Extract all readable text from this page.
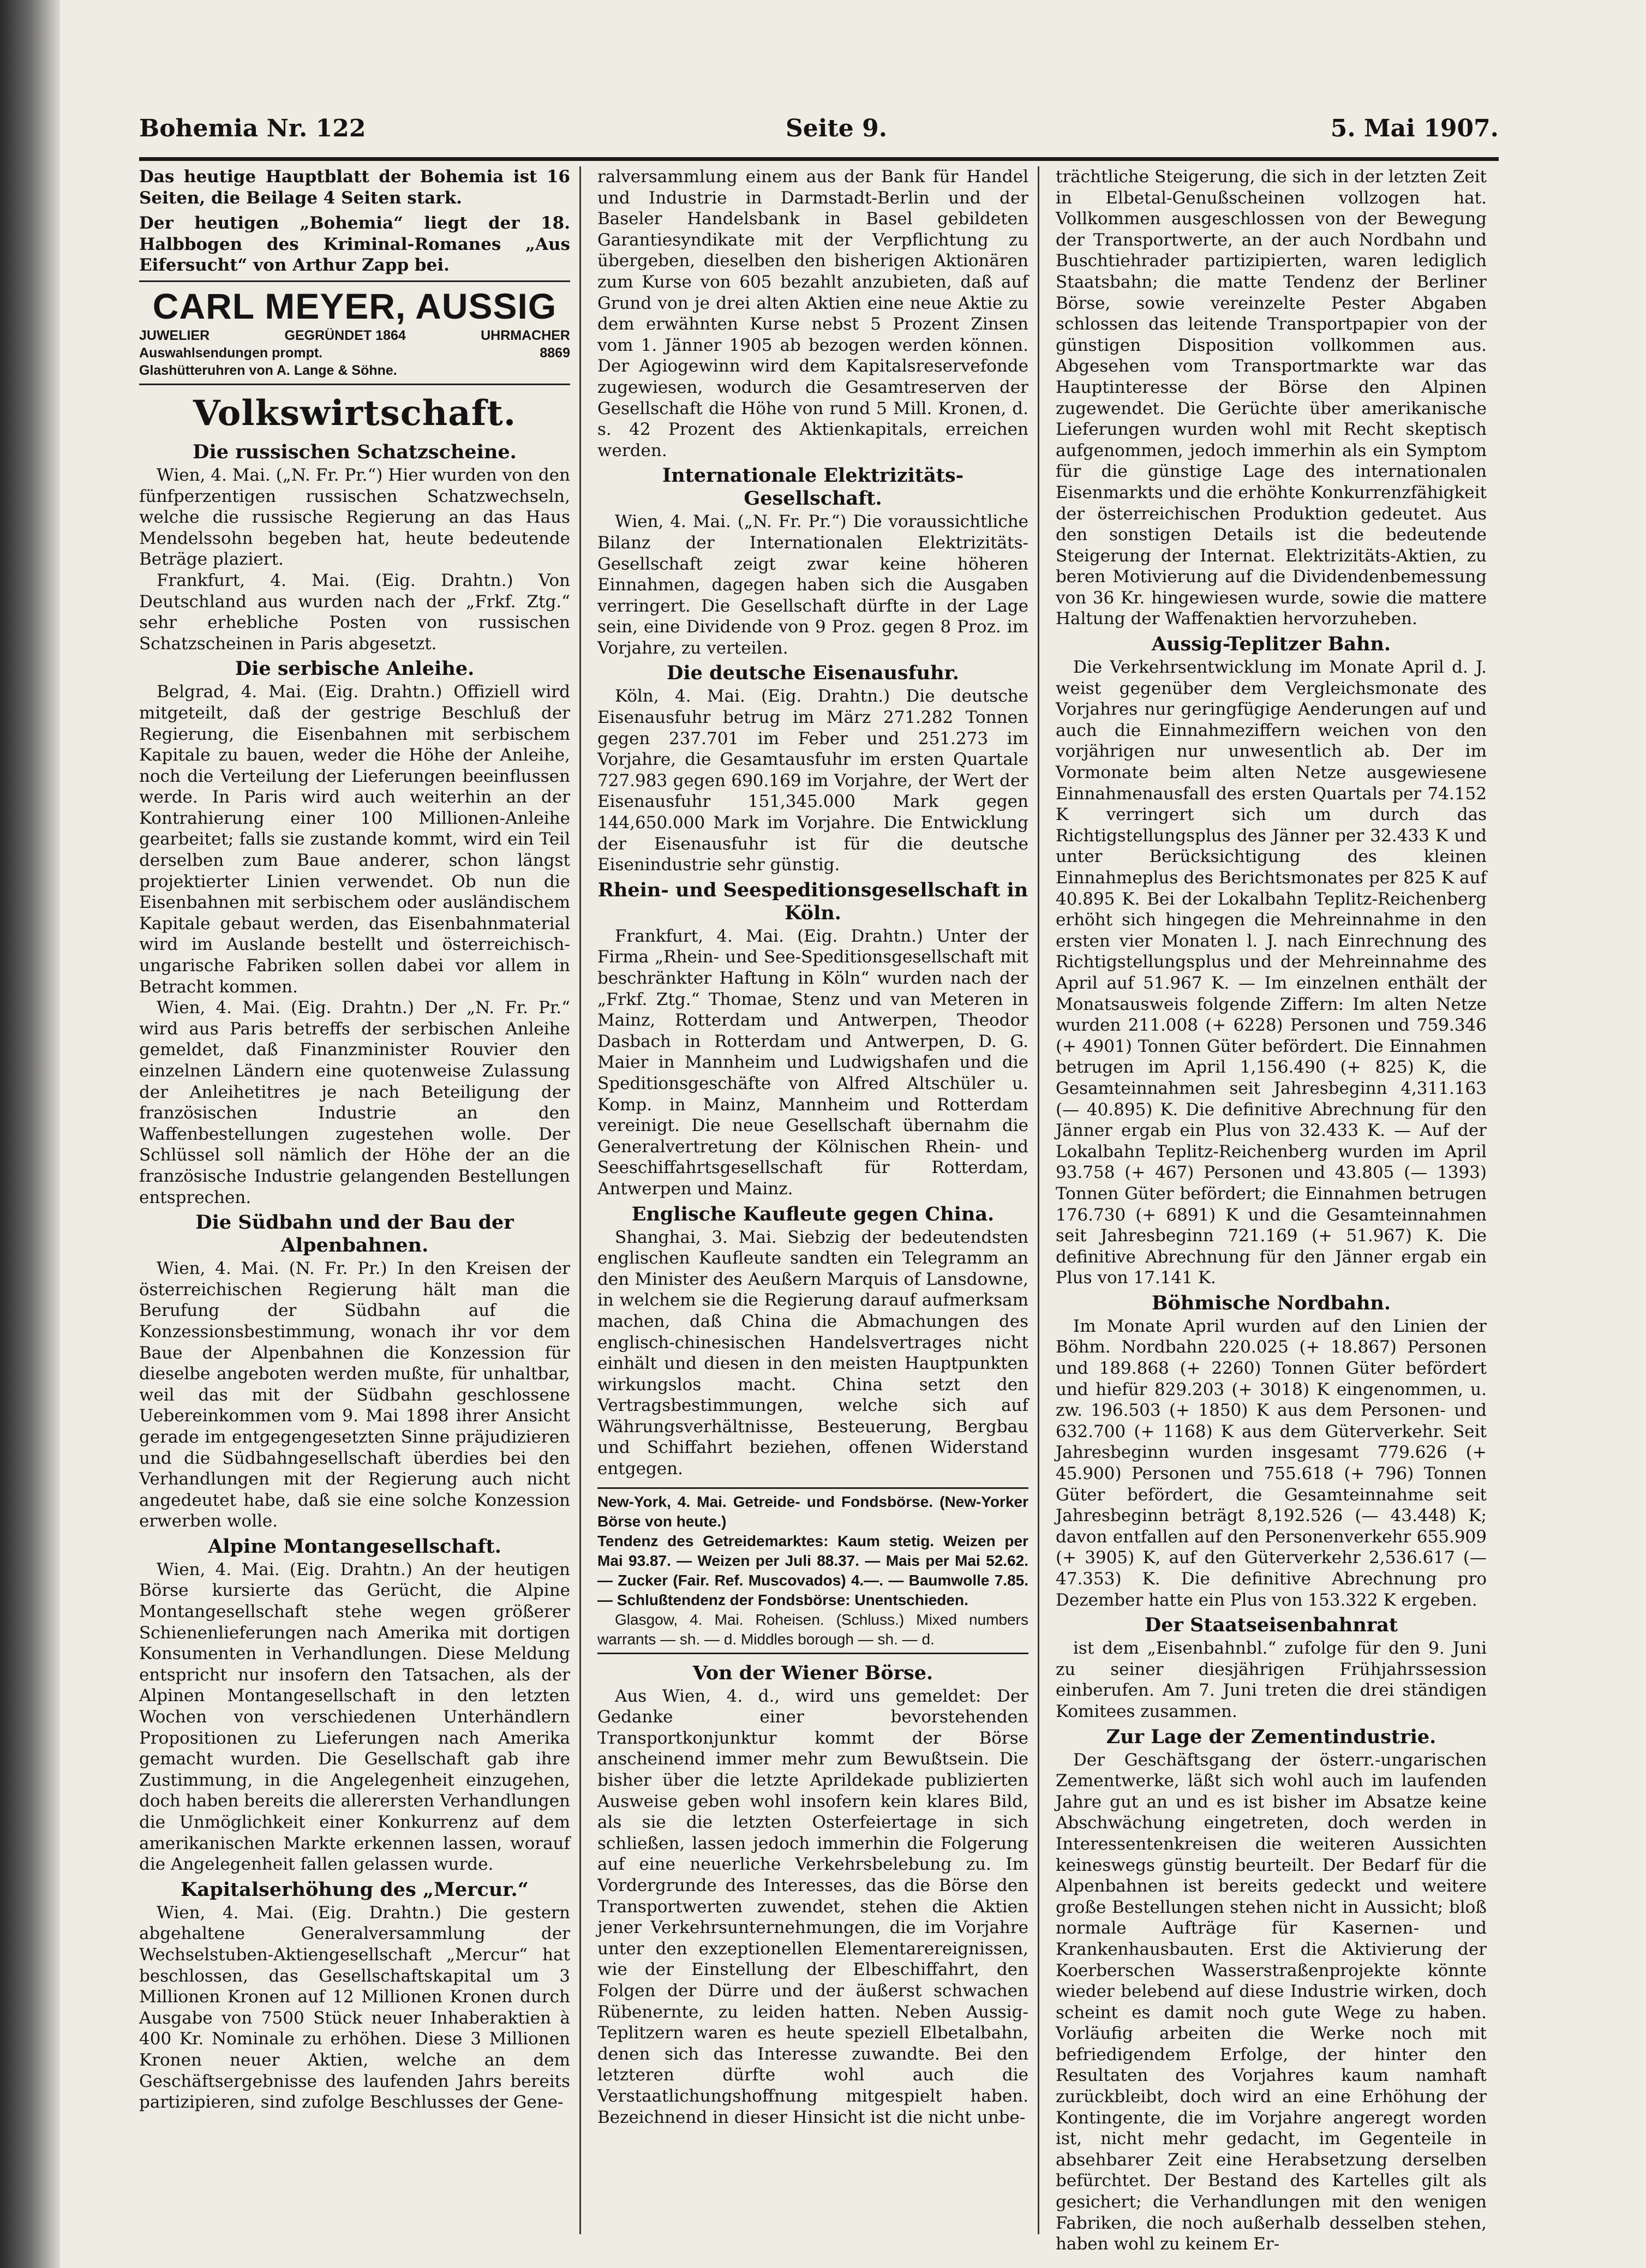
Bohemia Nr. 122	Seite 9.	5. Mai 1907.

Das heutige Hauptblatt der Bohemia ist 16 Seiten, die Beilage 4 Seiten stark.

Der heutigen „Bohemia“ liegt der 18. Halbbogen des Kriminal-Romanes „Aus Eifersucht“ von Arthur Zapp bei.

CARL MEYER, AUSSIG
JUWELIER	GEGRÜNDET 1864	UHRMACHER
Auswahlsendungen prompt.	8869
Glashütteruhren von A. Lange & Söhne.
Volkswirtschaft.
Die russischen Schatzscheine.

Wien, 4. Mai. („N. Fr. Pr.“) Hier wurden von den fünfperzentigen russischen Schatzwechseln, welche die russische Regierung an das Haus Mendelssohn begeben hat, heute bedeutende Beträge plaziert.

Frankfurt, 4. Mai. (Eig. Drahtn.) Von Deutschland aus wurden nach der „Frkf. Ztg.“ sehr erhebliche Posten von russischen Schatzscheinen in Paris abgesetzt.

Die serbische Anleihe.

Belgrad, 4. Mai. (Eig. Drahtn.) Offiziell wird mitgeteilt, daß der gestrige Beschluß der Regierung, die Eisenbahnen mit serbischem Kapitale zu bauen, weder die Höhe der Anleihe, noch die Verteilung der Lieferungen beeinflussen werde. In Paris wird auch weiterhin an der Kontrahierung einer 100 Millionen-Anleihe gearbeitet; falls sie zustande kommt, wird ein Teil derselben zum Baue anderer, schon längst projektierter Linien verwendet. Ob nun die Eisenbahnen mit serbischem oder ausländischem Kapitale gebaut werden, das Eisenbahnmaterial wird im Auslande bestellt und österreichisch-ungarische Fabriken sollen dabei vor allem in Betracht kommen.

Wien, 4. Mai. (Eig. Drahtn.) Der „N. Fr. Pr.“ wird aus Paris betreffs der serbischen Anleihe gemeldet, daß Finanzminister Rouvier den einzelnen Ländern eine quotenweise Zulassung der Anleihetitres je nach Beteiligung der französischen Industrie an den Waffenbestellungen zugestehen wolle. Der Schlüssel soll nämlich der Höhe der an die französische Industrie gelangenden Bestellungen entsprechen.

Die Südbahn und der Bau der Alpenbahnen.

Wien, 4. Mai. (N. Fr. Pr.) In den Kreisen der österreichischen Regierung hält man die Berufung der Südbahn auf die Konzessionsbestimmung, wonach ihr vor dem Baue der Alpenbahnen die Konzession für dieselbe angeboten werden mußte, für unhaltbar, weil das mit der Südbahn geschlossene Uebereinkommen vom 9. Mai 1898 ihrer Ansicht gerade im entgegengesetzten Sinne präjudizieren und die Südbahngesellschaft überdies bei den Verhandlungen mit der Regierung auch nicht angedeutet habe, daß sie eine solche Konzession erwerben wolle.

Alpine Montangesellschaft.

Wien, 4. Mai. (Eig. Drahtn.) An der heutigen Börse kursierte das Gerücht, die Alpine Montangesellschaft stehe wegen größerer Schienenlieferungen nach Amerika mit dortigen Konsumenten in Verhandlungen. Diese Meldung entspricht nur insofern den Tatsachen, als der Alpinen Montangesellschaft in den letzten Wochen von verschiedenen Unterhändlern Propositionen zu Lieferungen nach Amerika gemacht wurden. Die Gesellschaft gab ihre Zustimmung, in die Angelegenheit einzugehen, doch haben bereits die allerersten Verhandlungen die Unmöglichkeit einer Konkurrenz auf dem amerikanischen Markte erkennen lassen, worauf die Angelegenheit fallen gelassen wurde.

Kapitalserhöhung des „Mercur.“

Wien, 4. Mai. (Eig. Drahtn.) Die gestern abgehaltene Generalversammlung der Wechselstuben-Aktiengesellschaft „Mercur“ hat beschlossen, das Gesellschaftskapital um 3 Millionen Kronen auf 12 Millionen Kronen durch Ausgabe von 7500 Stück neuer Inhaberaktien à 400 Kr. Nominale zu erhöhen. Diese 3 Millionen Kronen neuer Aktien, welche an dem Geschäftsergebnisse des laufenden Jahrs bereits partizipieren, sind zufolge Beschlusses der Gene-

ralversammlung einem aus der Bank für Handel und Industrie in Darmstadt-Berlin und der Baseler Handelsbank in Basel gebildeten Garantiesyndikate mit der Verpflichtung zu übergeben, dieselben den bisherigen Aktionären zum Kurse von 605 bezahlt anzubieten, daß auf Grund von je drei alten Aktien eine neue Aktie zu dem erwähnten Kurse nebst 5 Prozent Zinsen vom 1. Jänner 1905 ab bezogen werden können. Der Agiogewinn wird dem Kapitalsreservefonde zugewiesen, wodurch die Gesamtreserven der Gesellschaft die Höhe von rund 5 Mill. Kronen, d. s. 42 Prozent des Aktienkapitals, erreichen werden.

Internationale Elektrizitäts-Gesellschaft.

Wien, 4. Mai. („N. Fr. Pr.“) Die voraussichtliche Bilanz der Internationalen Elektrizitäts-Gesellschaft zeigt zwar keine höheren Einnahmen, dagegen haben sich die Ausgaben verringert. Die Gesellschaft dürfte in der Lage sein, eine Dividende von 9 Proz. gegen 8 Proz. im Vorjahre, zu verteilen.

Die deutsche Eisenausfuhr.

Köln, 4. Mai. (Eig. Drahtn.) Die deutsche Eisenausfuhr betrug im März 271.282 Tonnen gegen 237.701 im Feber und 251.273 im Vorjahre, die Gesamtausfuhr im ersten Quartale 727.983 gegen 690.169 im Vorjahre, der Wert der Eisenausfuhr 151,345.000 Mark gegen 144,650.000 Mark im Vorjahre. Die Entwicklung der Eisenausfuhr ist für die deutsche Eisenindustrie sehr günstig.

Rhein- und Seespeditionsgesellschaft in Köln.

Frankfurt, 4. Mai. (Eig. Drahtn.) Unter der Firma „Rhein- und See-Speditionsgesellschaft mit beschränkter Haftung in Köln“ wurden nach der „Frkf. Ztg.“ Thomae, Stenz und van Meteren in Mainz, Rotterdam und Antwerpen, Theodor Dasbach in Rotterdam und Antwerpen, D. G. Maier in Mannheim und Ludwigshafen und die Speditionsgeschäfte von Alfred Altschüler u. Komp. in Mainz, Mannheim und Rotterdam vereinigt. Die neue Gesellschaft übernahm die Generalvertretung der Kölnischen Rhein- und Seeschiffahrtsgesellschaft für Rotterdam, Antwerpen und Mainz.

Englische Kaufleute gegen China.

Shanghai, 3. Mai. Siebzig der bedeutendsten englischen Kaufleute sandten ein Telegramm an den Minister des Aeußern Marquis of Lansdowne, in welchem sie die Regierung darauf aufmerksam machen, daß China die Abmachungen des englisch-chinesischen Handelsvertrages nicht einhält und diesen in den meisten Hauptpunkten wirkungslos macht. China setzt den Vertragsbestimmungen, welche sich auf Währungsverhältnisse, Besteuerung, Bergbau und Schiffahrt beziehen, offenen Widerstand entgegen.

New-York, 4. Mai. Getreide- und Fondsbörse. (New-Yorker Börse von heute.)

Tendenz des Getreidemarktes: Kaum stetig. Weizen per Mai 93.87. — Weizen per Juli 88.37. — Mais per Mai 52.62. — Zucker (Fair. Ref. Muscovados) 4.—. — Baumwolle 7.85. — Schlußtendenz der Fondsbörse: Unentschieden.

Glasgow, 4. Mai. Roheisen. (Schluss.) Mixed numbers warrants — sh. — d. Middles borough — sh. — d.

Von der Wiener Börse.

Aus Wien, 4. d., wird uns gemeldet: Der Gedanke einer bevorstehenden Transportkonjunktur kommt der Börse anscheinend immer mehr zum Bewußtsein. Die bisher über die letzte Aprildekade publizierten Ausweise geben wohl insofern kein klares Bild, als sie die letzten Osterfeiertage in sich schließen, lassen jedoch immerhin die Folgerung auf eine neuerliche Verkehrsbelebung zu. Im Vordergrunde des Interesses, das die Börse den Transportwerten zuwendet, stehen die Aktien jener Verkehrsunternehmungen, die im Vorjahre unter den exzeptionellen Elementarereignissen, wie der Einstellung der Elbeschiffahrt, den Folgen der Dürre und der äußerst schwachen Rübenernte, zu leiden hatten. Neben Aussig-Teplitzern waren es heute speziell Elbetalbahn, denen sich das Interesse zuwandte. Bei den letzteren dürfte wohl auch die Verstaatlichungshoffnung mitgespielt haben. Bezeichnend in dieser Hinsicht ist die nicht unbe-

trächtliche Steigerung, die sich in der letzten Zeit in Elbetal-Genußscheinen vollzogen hat. Vollkommen ausgeschlossen von der Bewegung der Transportwerte, an der auch Nordbahn und Buschtiehrader partizipierten, waren lediglich Staatsbahn; die matte Tendenz der Berliner Börse, sowie vereinzelte Pester Abgaben schlossen das leitende Transportpapier von der günstigen Disposition vollkommen aus. Abgesehen vom Transportmarkte war das Hauptinteresse der Börse den Alpinen zugewendet. Die Gerüchte über amerikanische Lieferungen wurden wohl mit Recht skeptisch aufgenommen, jedoch immerhin als ein Symptom für die günstige Lage des internationalen Eisenmarkts und die erhöhte Konkurrenzfähigkeit der österreichischen Produktion gedeutet. Aus den sonstigen Details ist die bedeutende Steigerung der Internat. Elektrizitäts-Aktien, zu beren Motivierung auf die Dividendenbemessung von 36 Kr. hingewiesen wurde, sowie die mattere Haltung der Waffenaktien hervorzuheben.

Aussig-Teplitzer Bahn.

Die Verkehrsentwicklung im Monate April d. J. weist gegenüber dem Vergleichsmonate des Vorjahres nur geringfügige Aenderungen auf und auch die Einnahmeziffern weichen von den vorjährigen nur unwesentlich ab. Der im Vormonate beim alten Netze ausgewiesene Einnahmenausfall des ersten Quartals per 74.152 K verringert sich um durch das Richtigstellungsplus des Jänner per 32.433 K und unter Berücksichtigung des kleinen Einnahmeplus des Berichtsmonates per 825 K auf 40.895 K. Bei der Lokalbahn Teplitz-Reichenberg erhöht sich hingegen die Mehreinnahme in den ersten vier Monaten l. J. nach Einrechnung des Richtigstellungsplus und der Mehreinnahme des April auf 51.967 K. — Im einzelnen enthält der Monatsausweis folgende Ziffern: Im alten Netze wurden 211.008 (+ 6228) Personen und 759.346 (+ 4901) Tonnen Güter befördert. Die Einnahmen betrugen im April 1,156.490 (+ 825) K, die Gesamteinnahmen seit Jahresbeginn 4,311.163 (— 40.895) K. Die definitive Abrechnung für den Jänner ergab ein Plus von 32.433 K. — Auf der Lokalbahn Teplitz-Reichenberg wurden im April 93.758 (+ 467) Personen und 43.805 (— 1393) Tonnen Güter befördert; die Einnahmen betrugen 176.730 (+ 6891) K und die Gesamteinnahmen seit Jahresbeginn 721.169 (+ 51.967) K. Die definitive Abrechnung für den Jänner ergab ein Plus von 17.141 K.

Böhmische Nordbahn.

Im Monate April wurden auf den Linien der Böhm. Nordbahn 220.025 (+ 18.867) Personen und 189.868 (+ 2260) Tonnen Güter befördert und hiefür 829.203 (+ 3018) K eingenommen, u. zw. 196.503 (+ 1850) K aus dem Personen- und 632.700 (+ 1168) K aus dem Güterverkehr. Seit Jahresbeginn wurden insgesamt 779.626 (+ 45.900) Personen und 755.618 (+ 796) Tonnen Güter befördert, die Gesamteinnahme seit Jahresbeginn beträgt 8,192.526 (— 43.448) K; davon entfallen auf den Personenverkehr 655.909 (+ 3905) K, auf den Güterverkehr 2,536.617 (— 47.353) K. Die definitive Abrechnung pro Dezember hatte ein Plus von 153.322 K ergeben.

Der Staatseisenbahnrat

ist dem „Eisenbahnbl.“ zufolge für den 9. Juni zu seiner diesjährigen Frühjahrssession einberufen. Am 7. Juni treten die drei ständigen Komitees zusammen.

Zur Lage der Zementindustrie.

Der Geschäftsgang der österr.-ungarischen Zementwerke, läßt sich wohl auch im laufenden Jahre gut an und es ist bisher im Absatze keine Abschwächung eingetreten, doch werden in Interessentenkreisen die weiteren Aussichten keineswegs günstig beurteilt. Der Bedarf für die Alpenbahnen ist bereits gedeckt und weitere große Bestellungen stehen nicht in Aussicht; bloß normale Aufträge für Kasernen- und Krankenhausbauten. Erst die Aktivierung der Koerberschen Wasserstraßenprojekte könnte wieder belebend auf diese Industrie wirken, doch scheint es damit noch gute Wege zu haben. Vorläufig arbeiten die Werke noch mit befriedigendem Erfolge, der hinter den Resultaten des Vorjahres kaum namhaft zurückbleibt, doch wird an eine Erhöhung der Kontingente, die im Vorjahre angeregt worden ist, nicht mehr gedacht, im Gegenteile in absehbarer Zeit eine Herabsetzung derselben befürchtet. Der Bestand des Kartelles gilt als gesichert; die Verhandlungen mit den wenigen Fabriken, die noch außerhalb desselben stehen, haben wohl zu keinem Er-
